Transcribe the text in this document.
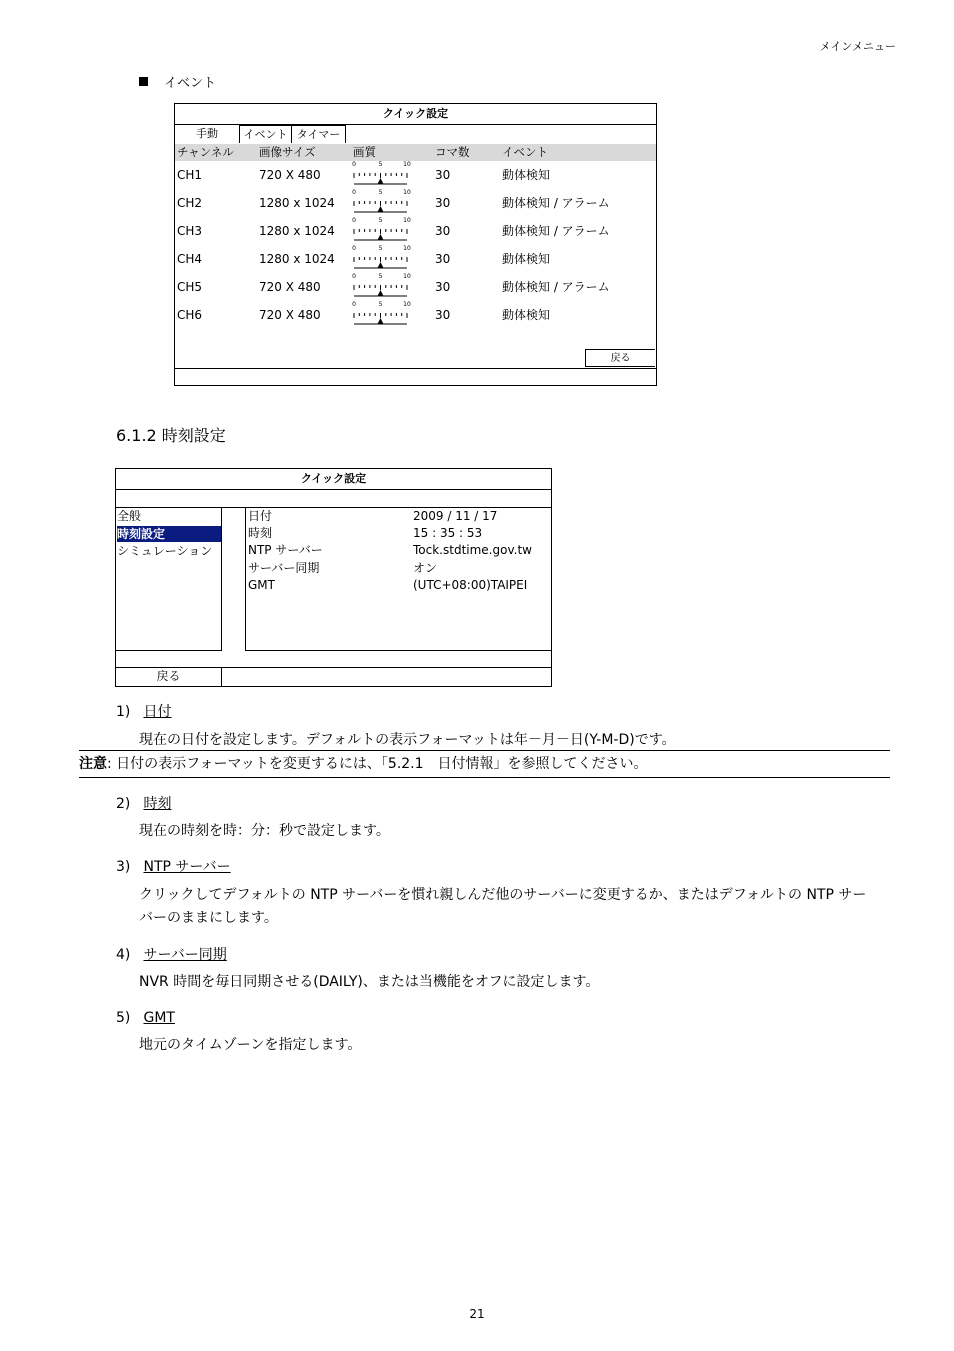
メインメニュー
イベント
クイック設定
手動	イベント タイマー
チャンネル 画像サイズ	画質	コマ数	イベント
CH1	720 X 480	30	動体検知
0	5	10
CH2	1280 x 1024	30	動体検知 / アラーム
0	5	10
CH3	1280 x 1024	30	動体検知 / アラーム
0	5	10
CH4	1280 x 1024	30	動体検知
0	5	10
CH5	720 X 480	30	動体検知 / アラーム
0	5	10
CH6	720 X 480	30	動体検知
0	5	10
戻る
6.1.2 時刻設定
クイック設定
全般
時刻設定
シミュレーション
日付	2009 / 11 / 17
時刻	15 : 35 : 53
NTP サーバー	Tock.stdtime.gov.tw
サーバー同期	オン
GMT	(UTC+08:00)TAIPEI
戻る
1) 日付
現在の日付を設定します。デフォルトの表示フォーマットは年－月－日(Y-M-D)です。
注意: 日付の表示フォーマットを変更するには、「5.2.1　日付情報」を参照してください。
2) 時刻
現在の時刻を時：分：秒で設定します。
3) NTP サーバー
クリックしてデフォルトの NTP サーバーを慣れ親しんだ他のサーバーに変更するか、またはデフォルトの NTP サー
バーのままにします。
4) サーバー同期
NVR 時間を毎日同期させる(DAILY)、または当機能をオフに設定します。
5) GMT
地元のタイムゾーンを指定します。
21
